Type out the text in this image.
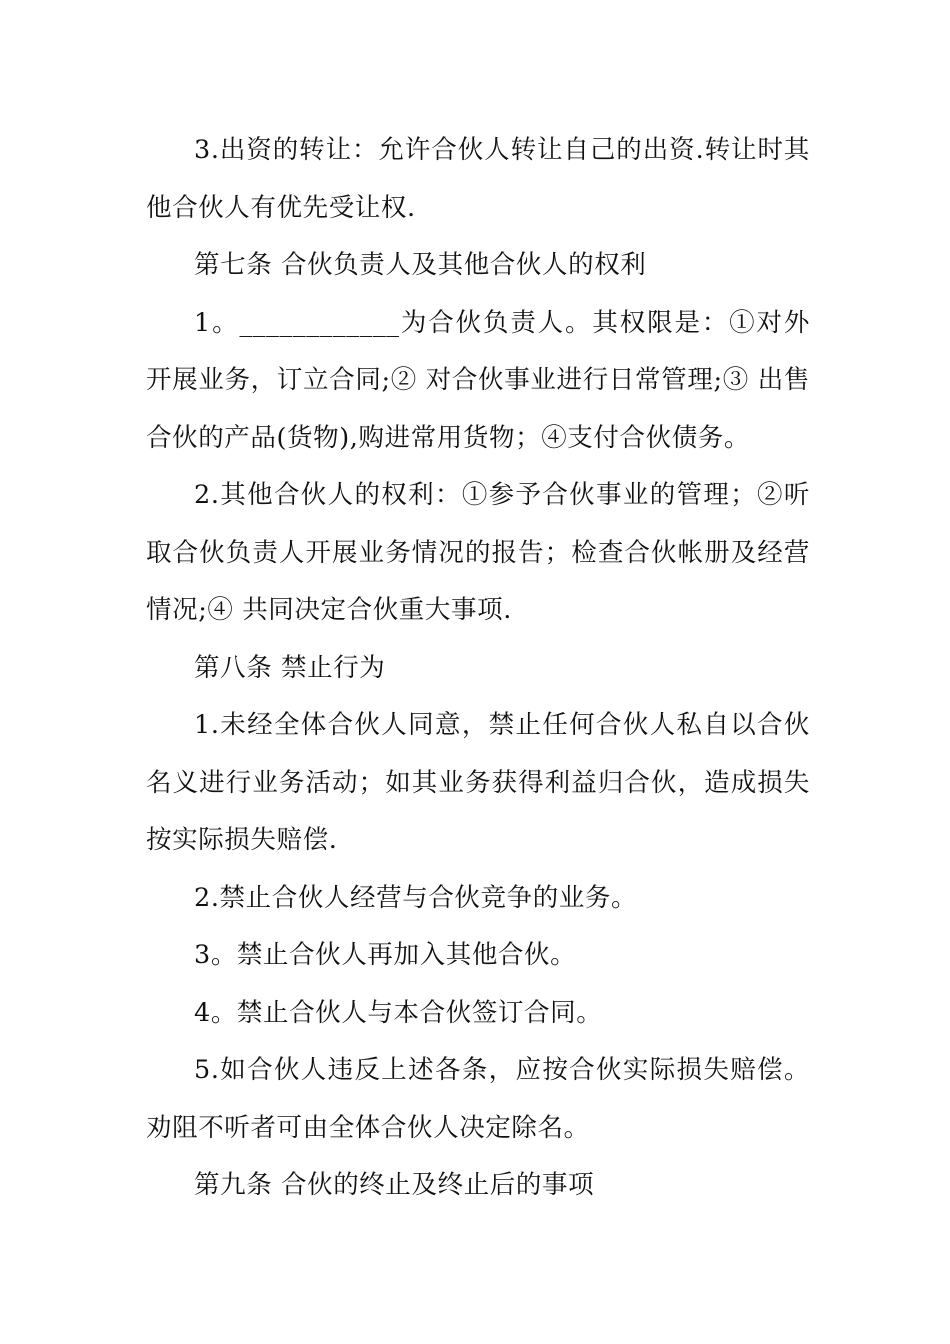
3.出资的转让：允许合伙人转让自己的出资.转让时其他合伙人有优先受让权.

第七条 合伙负责人及其他合伙人的权利

1。____________为合伙负责人。其权限是：①对外开展业务，订立合同;② 对合伙事业进行日常管理;③ 出售合伙的产品(货物),购进常用货物；④支付合伙债务。

2.其他合伙人的权利：①参予合伙事业的管理；②听取合伙负责人开展业务情况的报告；检查合伙帐册及经营情况;④ 共同决定合伙重大事项.

第八条 禁止行为

1.未经全体合伙人同意，禁止任何合伙人私自以合伙名义进行业务活动；如其业务获得利益归合伙，造成损失按实际损失赔偿.

2.禁止合伙人经营与合伙竞争的业务。

3。禁止合伙人再加入其他合伙。

4。禁止合伙人与本合伙签订合同。

5.如合伙人违反上述各条，应按合伙实际损失赔偿。劝阻不听者可由全体合伙人决定除名。

第九条 合伙的终止及终止后的事项
